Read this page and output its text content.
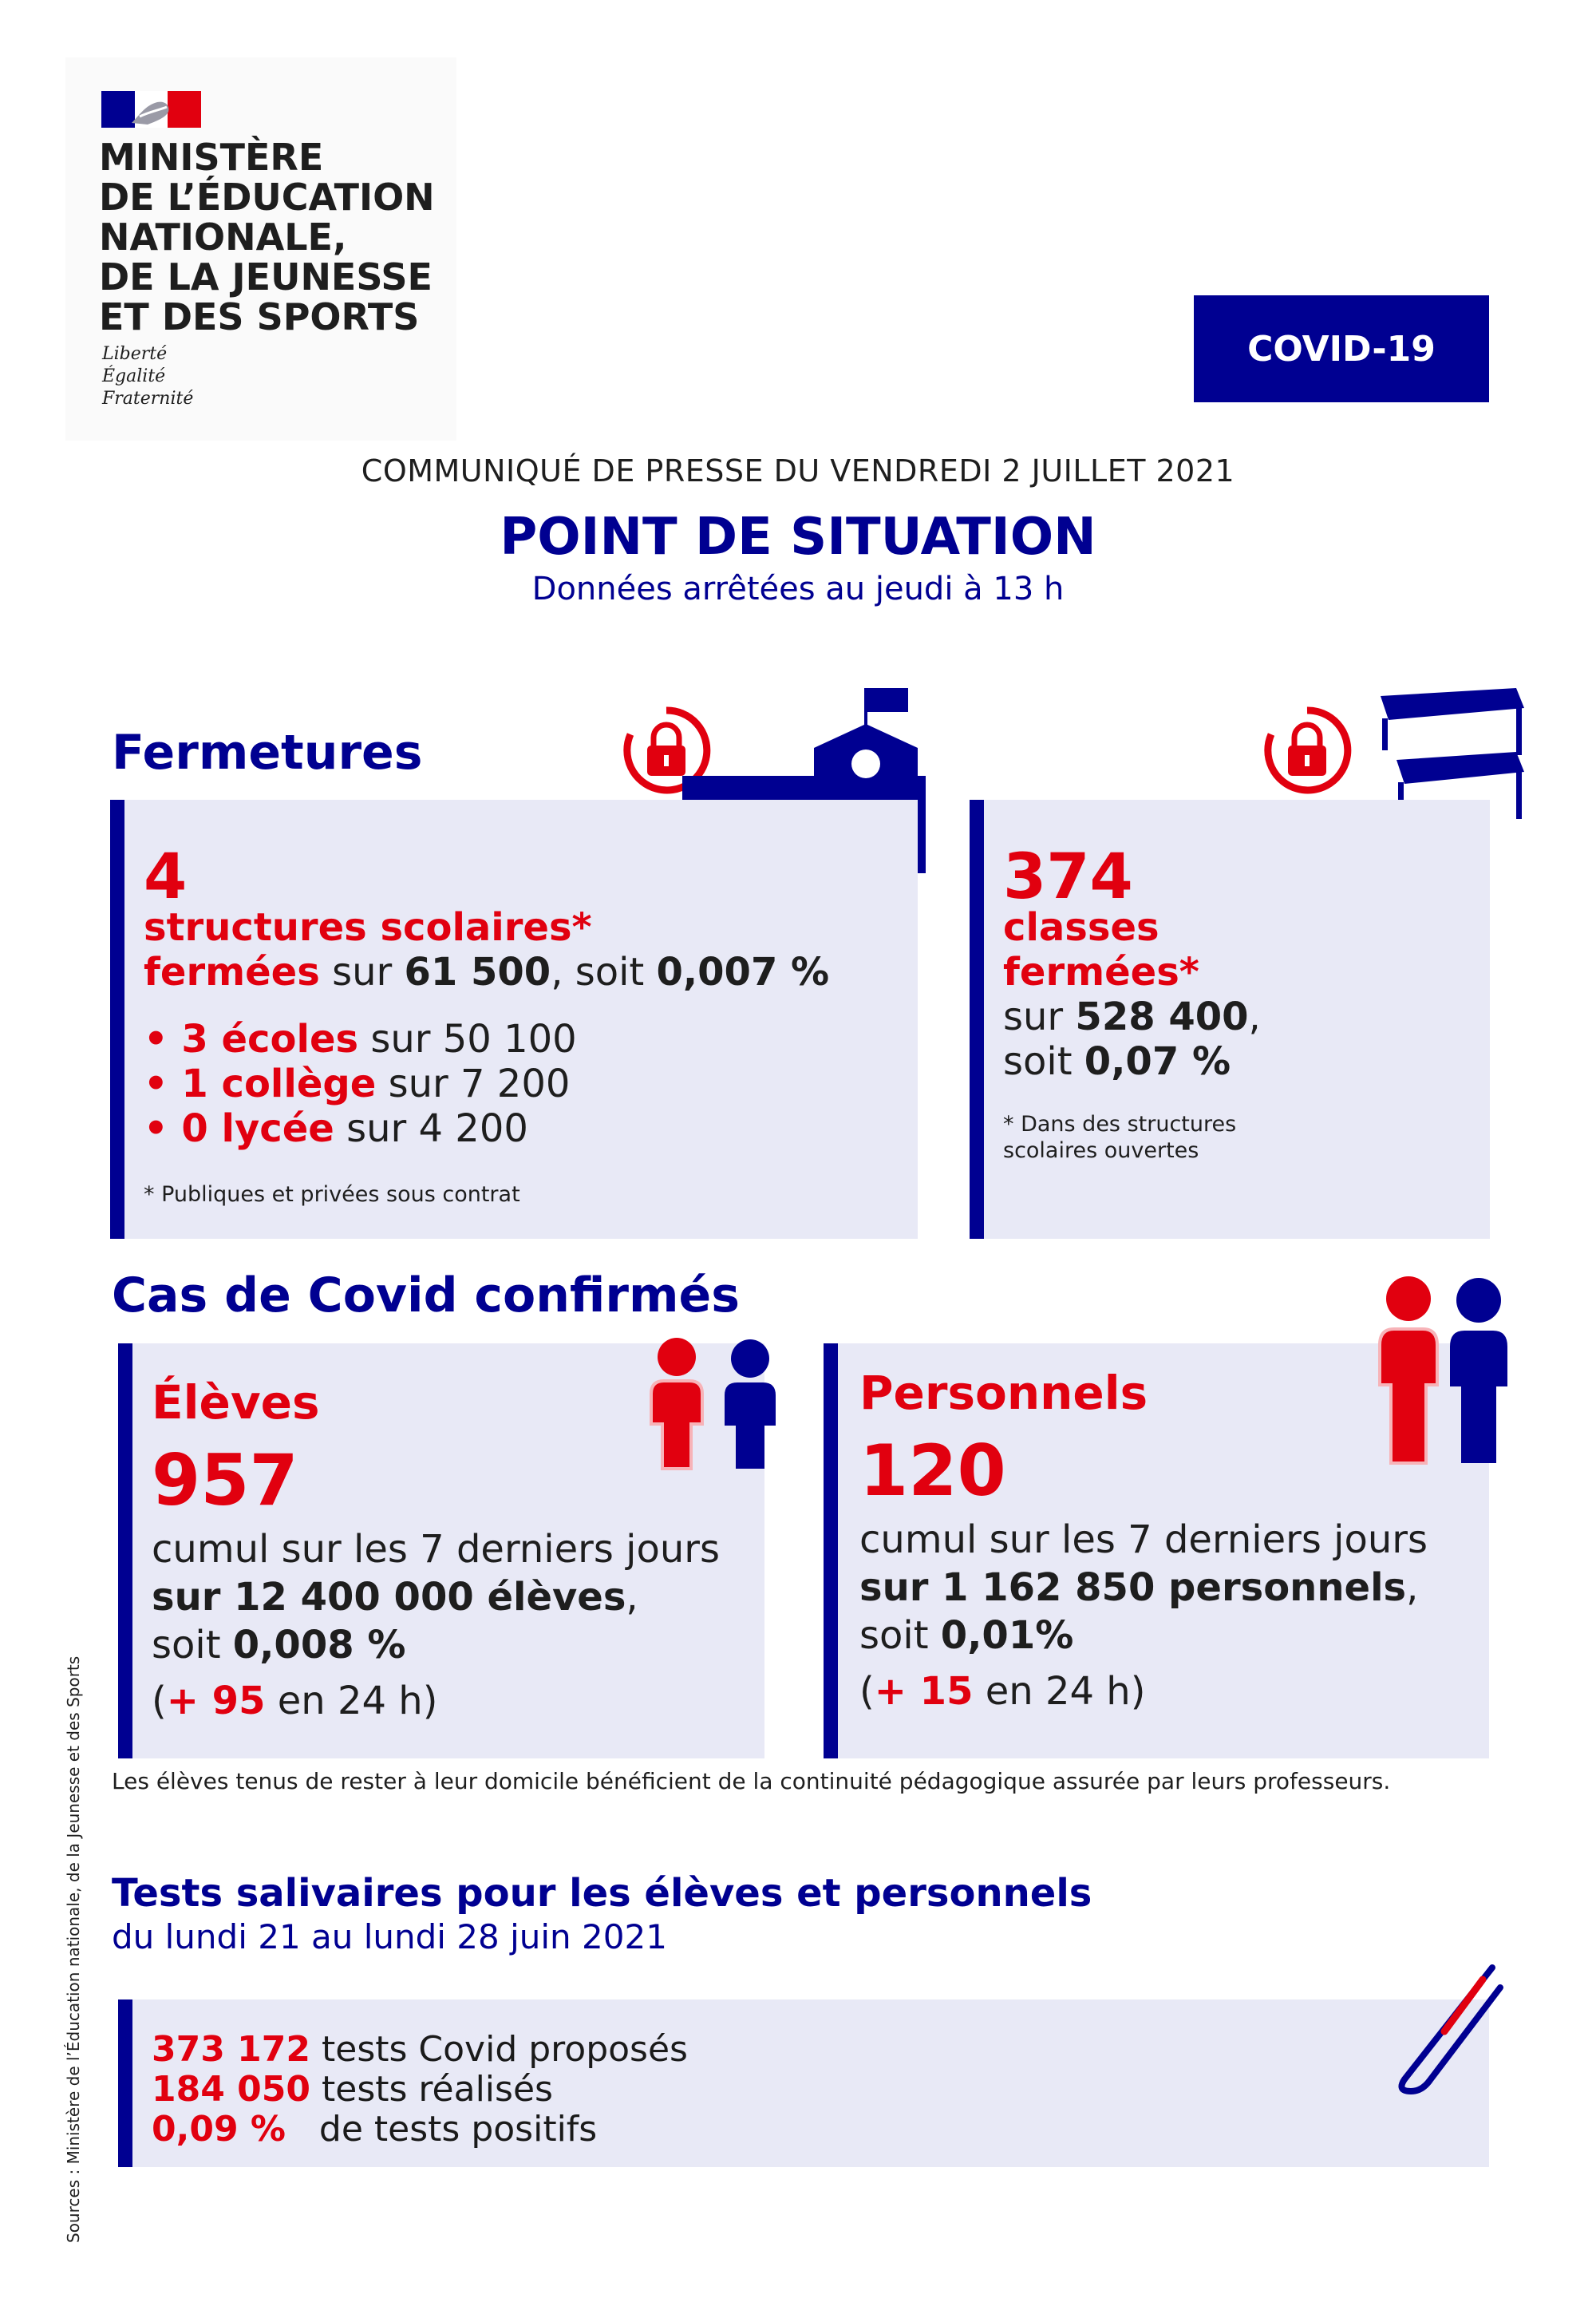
MINISTÈRE
DE L’ÉDUCATION
NATIONALE,
DE LA JEUNESSE
ET DES SPORTS
Liberté
Égalité
Fraternité
COVID-19
COMMUNIQUÉ DE PRESSE DU VENDREDI 2 JUILLET 2021
POINT DE SITUATION
Données arrêtées au jeudi à 13 h
Fermetures
4
structures scolaires*
fermées sur 61 500, soit 0,007 %
• 3 écoles sur 50 100
• 1 collège sur 7 200
• 0 lycée sur 4 200
* Publiques et privées sous contrat
374
classes
fermées*
sur 528 400,
soit 0,07 %
* Dans des structures
scolaires ouvertes
Cas de Covid confirmés
Élèves
957
cumul sur les 7 derniers jours
sur 12 400 000 élèves,
soit 0,008 %
(+ 95 en 24 h)
Personnels
120
cumul sur les 7 derniers jours
sur 1 162 850 personnels,
soit 0,01%
(+ 15 en 24 h)
Les élèves tenus de rester à leur domicile bénéficient de la continuité pédagogique assurée par leurs professeurs.
Tests salivaires pour les élèves et personnels
du lundi 21 au lundi 28 juin 2021
373 172 tests Covid proposés
184 050 tests réalisés
0,09 %   de tests positifs
Sources : Ministère de l’Éducation nationale, de la Jeunesse et des Sports
